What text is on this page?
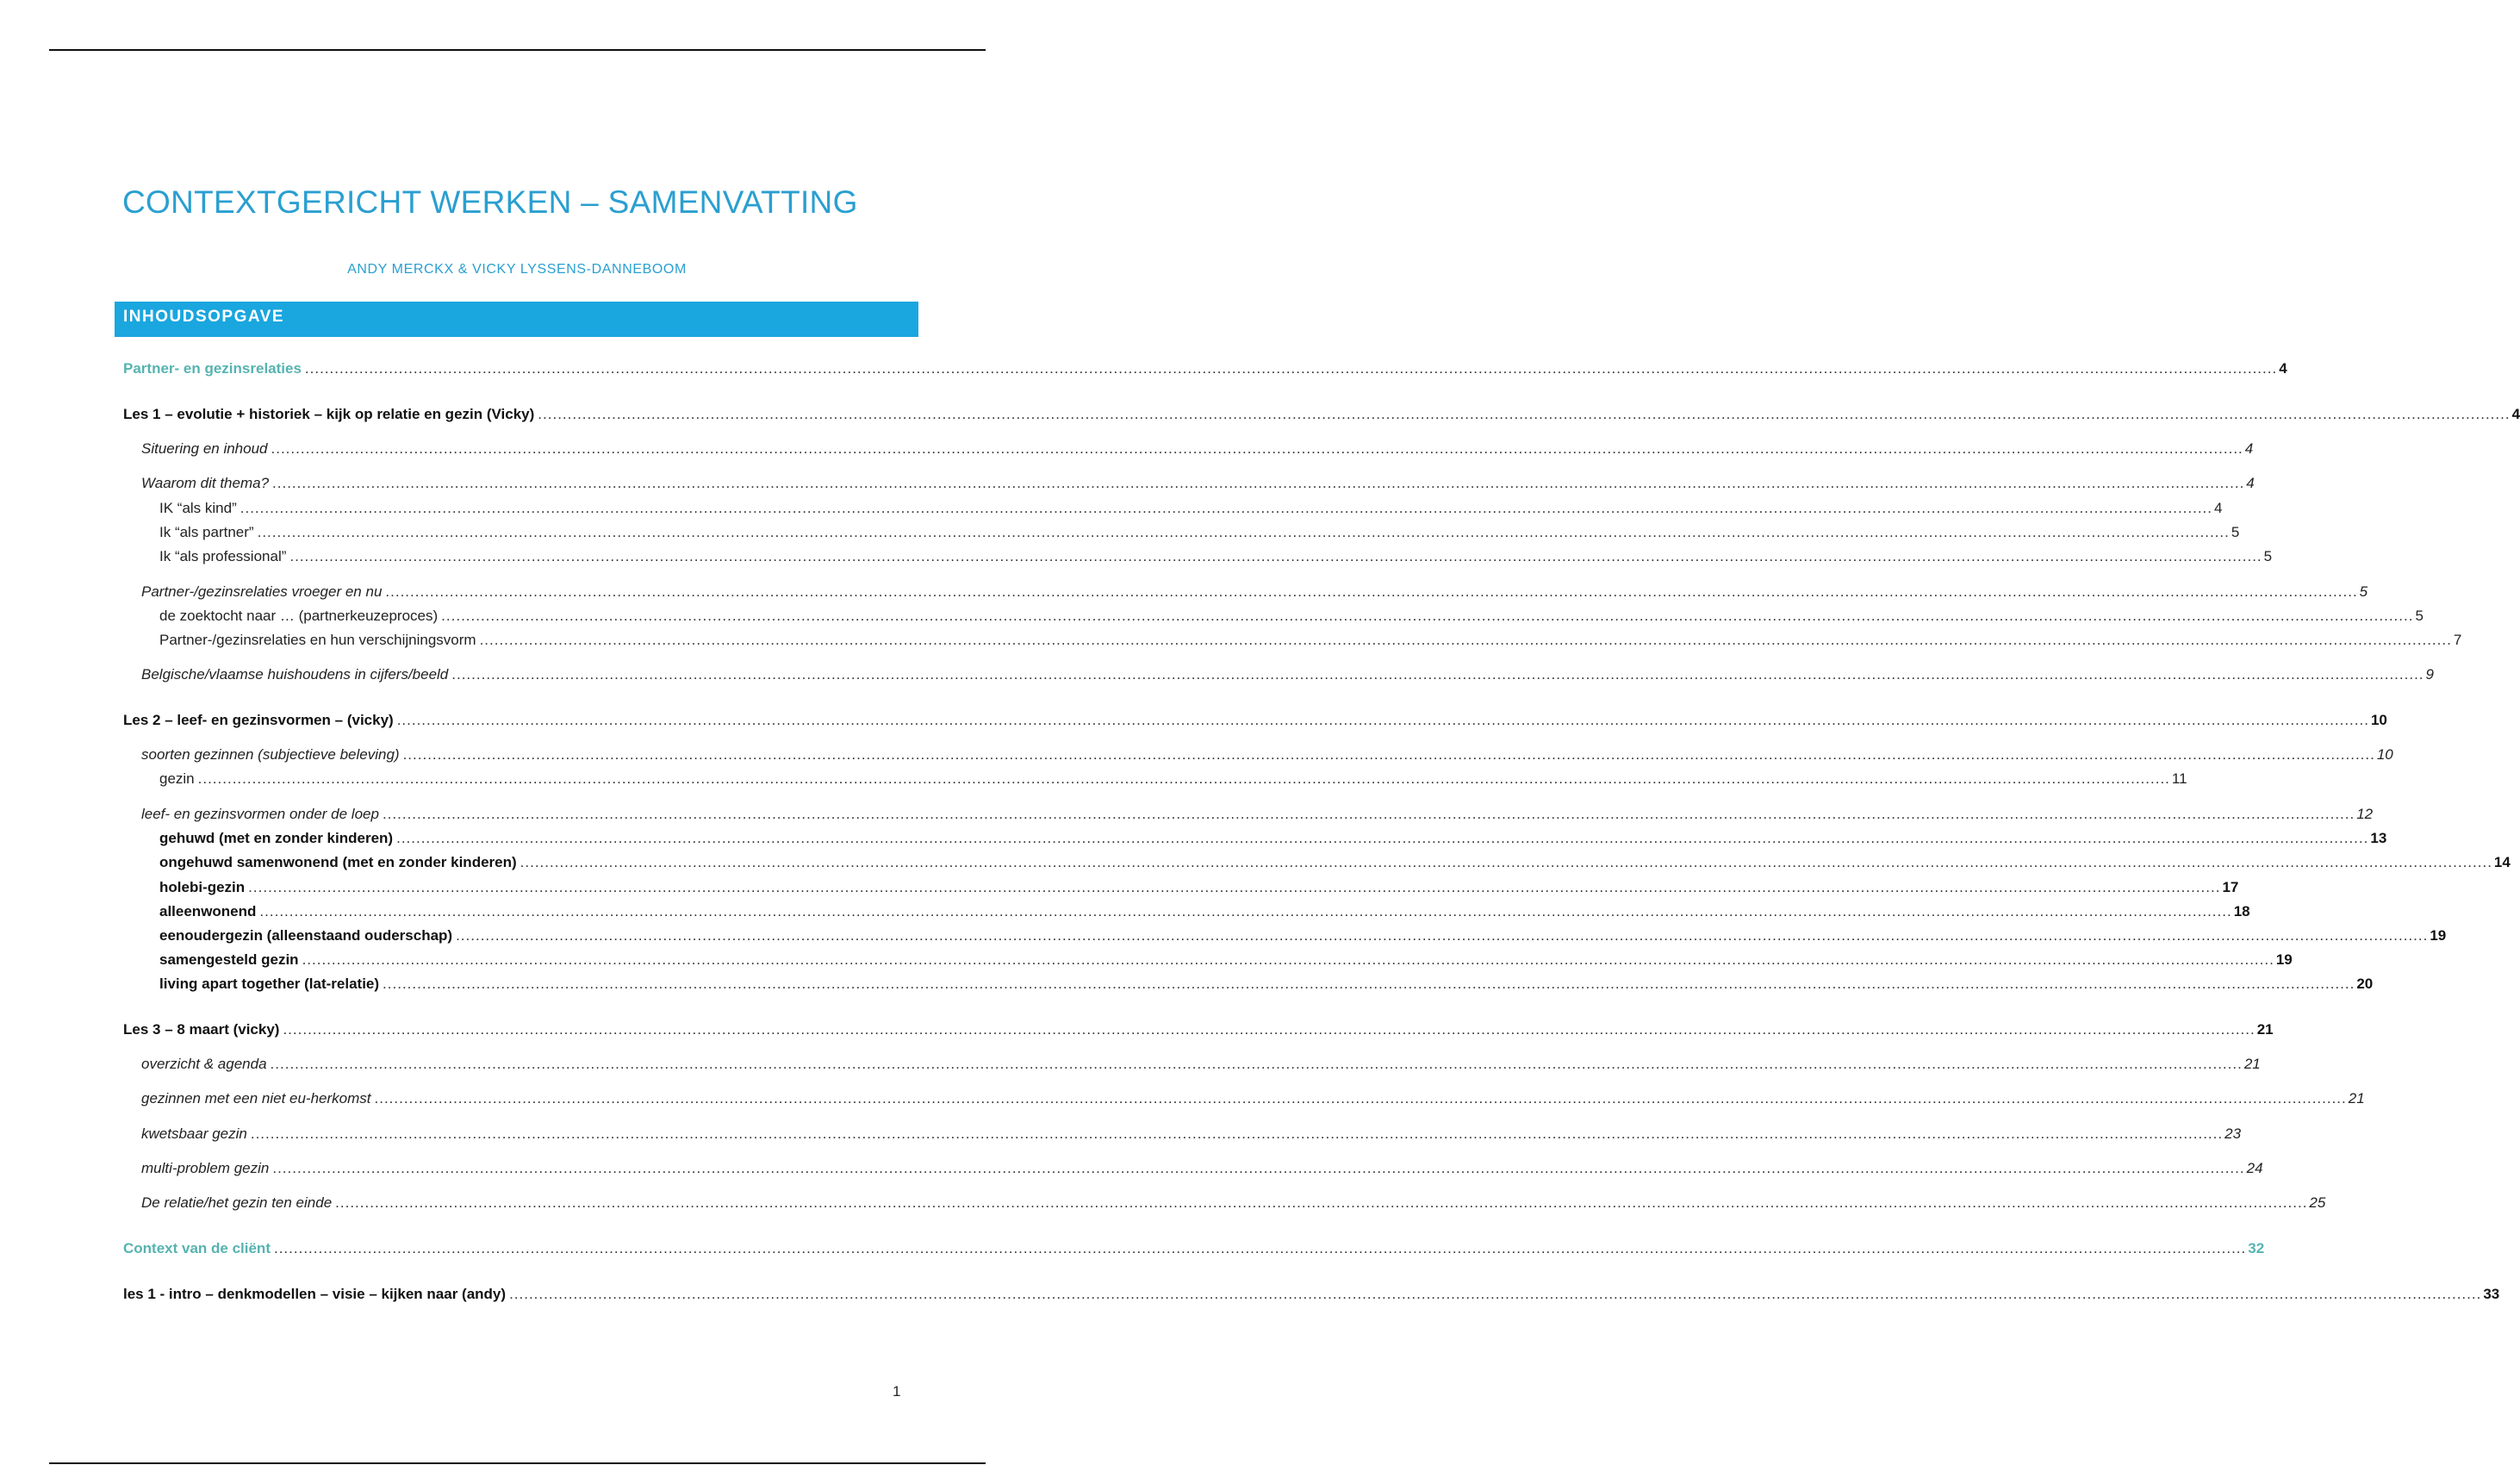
CONTEXTGERICHT WERKEN – SAMENVATTING
ANDY MERCKX & VICKY LYSSENS-DANNEBOOM
INHOUDSOPGAVE
Partner- en gezinsrelaties ................................................................................................................................................................................................................................................................................................................................................................................................................ 4
Les 1 – evolutie + historiek – kijk op relatie en gezin (Vicky) ................................................................................................................................................................................................................................................................................................................................................................................................................ 4
Situering en inhoud ................................................................................................................................................................................................................................................................................................................................................................................................................ 4
Waarom dit thema? ................................................................................................................................................................................................................................................................................................................................................................................................................ 4
IK “als kind” ................................................................................................................................................................................................................................................................................................................................................................................................................ 4
Ik “als partner” ................................................................................................................................................................................................................................................................................................................................................................................................................ 5
Ik “als professional” ................................................................................................................................................................................................................................................................................................................................................................................................................ 5
Partner-/gezinsrelaties vroeger en nu ................................................................................................................................................................................................................................................................................................................................................................................................................ 5
de zoektocht naar … (partnerkeuzeproces) ................................................................................................................................................................................................................................................................................................................................................................................................................ 5
Partner-/gezinsrelaties en hun verschijningsvorm ................................................................................................................................................................................................................................................................................................................................................................................................................ 7
Belgische/vlaamse huishoudens in cijfers/beeld ................................................................................................................................................................................................................................................................................................................................................................................................................ 9
Les 2 – leef- en gezinsvormen – (vicky) ................................................................................................................................................................................................................................................................................................................................................................................................................ 10
soorten gezinnen (subjectieve beleving) ................................................................................................................................................................................................................................................................................................................................................................................................................ 10
gezin ................................................................................................................................................................................................................................................................................................................................................................................................................ 11
leef- en gezinsvormen onder de loep ................................................................................................................................................................................................................................................................................................................................................................................................................ 12
gehuwd (met en zonder kinderen) ................................................................................................................................................................................................................................................................................................................................................................................................................ 13
ongehuwd samenwonend (met en zonder kinderen) ................................................................................................................................................................................................................................................................................................................................................................................................................ 14
holebi-gezin ................................................................................................................................................................................................................................................................................................................................................................................................................ 17
alleenwonend ................................................................................................................................................................................................................................................................................................................................................................................................................ 18
eenoudergezin (alleenstaand ouderschap) ................................................................................................................................................................................................................................................................................................................................................................................................................ 19
samengesteld gezin ................................................................................................................................................................................................................................................................................................................................................................................................................ 19
living apart together (lat-relatie) ................................................................................................................................................................................................................................................................................................................................................................................................................ 20
Les 3 – 8 maart (vicky) ................................................................................................................................................................................................................................................................................................................................................................................................................ 21
overzicht & agenda ................................................................................................................................................................................................................................................................................................................................................................................................................ 21
gezinnen met een niet eu-herkomst ................................................................................................................................................................................................................................................................................................................................................................................................................ 21
kwetsbaar gezin ................................................................................................................................................................................................................................................................................................................................................................................................................ 23
multi-problem gezin ................................................................................................................................................................................................................................................................................................................................................................................................................ 24
De relatie/het gezin ten einde ................................................................................................................................................................................................................................................................................................................................................................................................................ 25
Context van de cliënt ................................................................................................................................................................................................................................................................................................................................................................................................................ 32
les 1 - intro – denkmodellen – visie – kijken naar (andy) ................................................................................................................................................................................................................................................................................................................................................................................................................ 33
1
